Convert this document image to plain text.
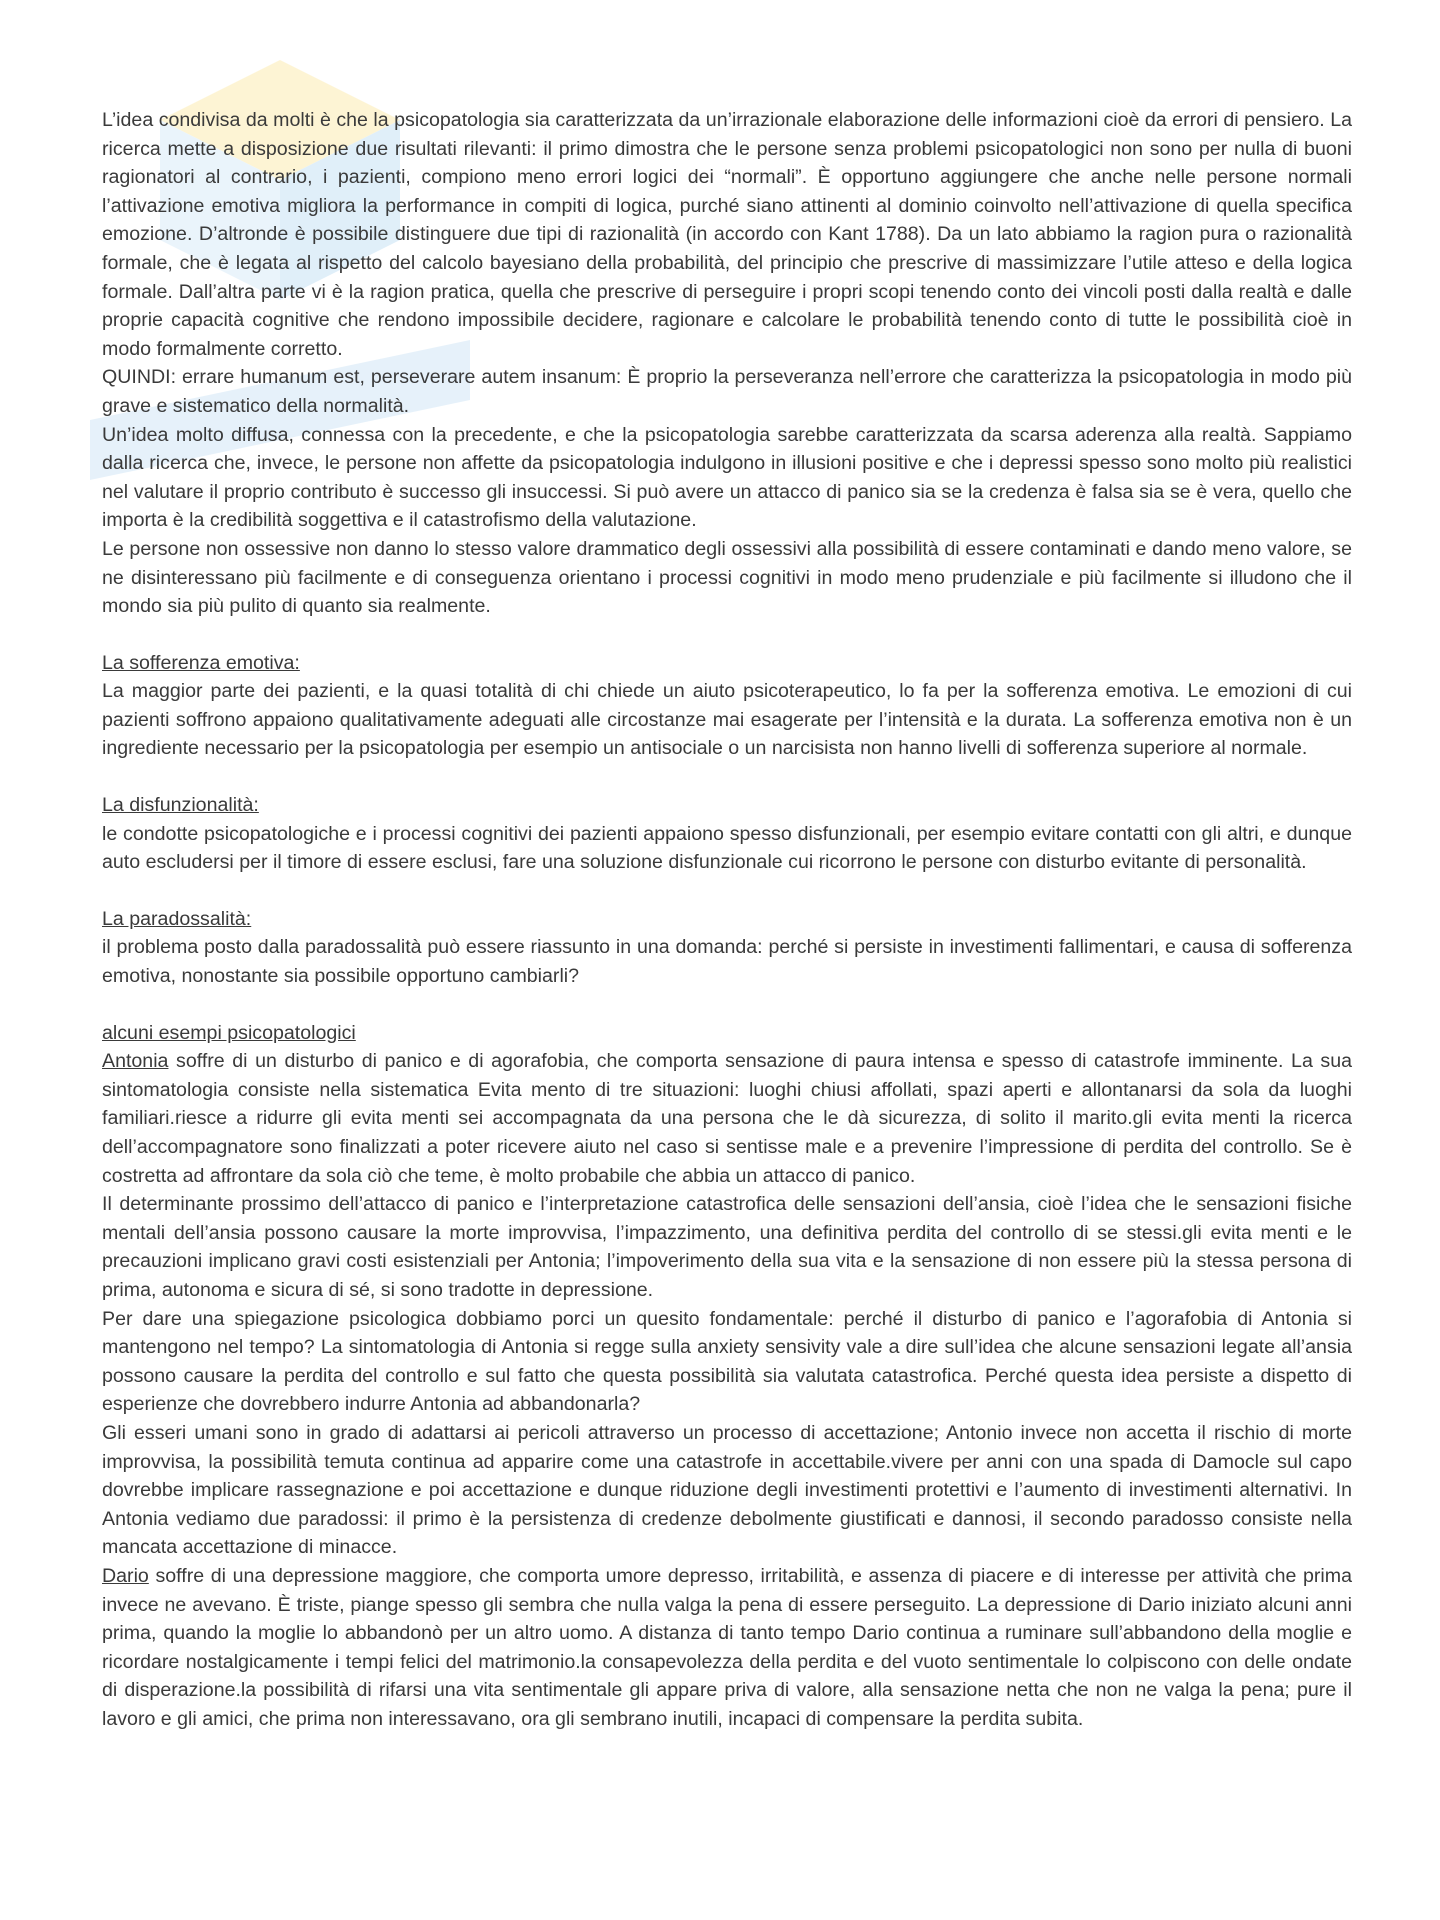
L’idea condivisa da molti è che la psicopatologia sia caratterizzata da un’irrazionale elaborazione delle informazioni cioè da errori di pensiero. La ricerca mette a disposizione due risultati rilevanti: il primo dimostra che le persone senza problemi psicopatologici non sono per nulla di buoni ragionatori al contrario, i pazienti, compiono meno errori logici dei “normali”. È opportuno aggiungere che anche nelle persone normali l’attivazione emotiva migliora la performance in compiti di logica, purché siano attinenti al dominio coinvolto nell’attivazione di quella specifica emozione. D’altronde è possibile distinguere due tipi di razionalità (in accordo con Kant 1788). Da un lato abbiamo la ragion pura o razionalità formale, che è legata al rispetto del calcolo bayesiano della probabilità, del principio che prescrive di massimizzare l’utile atteso e della logica formale. Dall’altra parte vi è la ragion pratica, quella che prescrive di perseguire i propri scopi tenendo conto dei vincoli posti dalla realtà e dalle proprie capacità cognitive che rendono impossibile decidere, ragionare e calcolare le probabilità tenendo conto di tutte le possibilità cioè in modo formalmente corretto.

QUINDI: errare humanum est, perseverare autem insanum: È proprio la perseveranza nell’errore che caratterizza la psicopatologia in modo più grave e sistematico della normalità.

Un’idea molto diffusa, connessa con la precedente, e che la psicopatologia sarebbe caratterizzata da scarsa aderenza alla realtà. Sappiamo dalla ricerca che, invece, le persone non affette da psicopatologia indulgono in illusioni positive e che i depressi spesso sono molto più realistici nel valutare il proprio contributo è successo gli insuccessi. Si può avere un attacco di panico sia se la credenza è falsa sia se è vera, quello che importa è la credibilità soggettiva e il catastrofismo della valutazione.

Le persone non ossessive non danno lo stesso valore drammatico degli ossessivi alla possibilità di essere contaminati e dando meno valore, se ne disinteressano più facilmente e di conseguenza orientano i processi cognitivi in modo meno prudenziale e più facilmente si illudono che il mondo sia più pulito di quanto sia realmente.

La sofferenza emotiva:

La maggior parte dei pazienti, e la quasi totalità di chi chiede un aiuto psicoterapeutico, lo fa per la sofferenza emotiva. Le emozioni di cui pazienti soffrono appaiono qualitativamente adeguati alle circostanze mai esagerate per l’intensità e la durata. La sofferenza emotiva non è un ingrediente necessario per la psicopatologia per esempio un antisociale o un narcisista non hanno livelli di sofferenza superiore al normale.

La disfunzionalità:

le condotte psicopatologiche e i processi cognitivi dei pazienti appaiono spesso disfunzionali, per esempio evitare contatti con gli altri, e dunque auto escludersi per il timore di essere esclusi, fare una soluzione disfunzionale cui ricorrono le persone con disturbo evitante di personalità.

La paradossalità:

il problema posto dalla paradossalità può essere riassunto in una domanda: perché si persiste in investimenti fallimentari, e causa di sofferenza emotiva, nonostante sia possibile opportuno cambiarli?

alcuni esempi psicopatologici

Antonia soffre di un disturbo di panico e di agorafobia, che comporta sensazione di paura intensa e spesso di catastrofe imminente. La sua sintomatologia consiste nella sistematica Evita mento di tre situazioni: luoghi chiusi affollati, spazi aperti e allontanarsi da sola da luoghi familiari.riesce a ridurre gli evita menti sei accompagnata da una persona che le dà sicurezza, di solito il marito.gli evita menti la ricerca dell’accompagnatore sono finalizzati a poter ricevere aiuto nel caso si sentisse male e a prevenire l’impressione di perdita del controllo. Se è costretta ad affrontare da sola ciò che teme, è molto probabile che abbia un attacco di panico.

Il determinante prossimo dell’attacco di panico e l’interpretazione catastrofica delle sensazioni dell’ansia, cioè l’idea che le sensazioni fisiche mentali dell’ansia possono causare la morte improvvisa, l’impazzimento, una definitiva perdita del controllo di se stessi.gli evita menti e le precauzioni implicano gravi costi esistenziali per Antonia; l’impoverimento della sua vita e la sensazione di non essere più la stessa persona di prima, autonoma e sicura di sé, si sono tradotte in depressione.

Per dare una spiegazione psicologica dobbiamo porci un quesito fondamentale: perché il disturbo di panico e l’agorafobia di Antonia si mantengono nel tempo? La sintomatologia di Antonia si regge sulla anxiety sensivity vale a dire sull’idea che alcune sensazioni legate all’ansia possono causare la perdita del controllo e sul fatto che questa possibilità sia valutata catastrofica. Perché questa idea persiste a dispetto di esperienze che dovrebbero indurre Antonia ad abbandonarla?

Gli esseri umani sono in grado di adattarsi ai pericoli attraverso un processo di accettazione; Antonio invece non accetta il rischio di morte improvvisa, la possibilità temuta continua ad apparire come una catastrofe in accettabile.vivere per anni con una spada di Damocle sul capo dovrebbe implicare rassegnazione e poi accettazione e dunque riduzione degli investimenti protettivi e l’aumento di investimenti alternativi. In Antonia vediamo due paradossi: il primo è la persistenza di credenze debolmente giustificati e dannosi, il secondo paradosso consiste nella mancata accettazione di minacce.

Dario soffre di una depressione maggiore, che comporta umore depresso, irritabilità, e assenza di piacere e di interesse per attività che prima invece ne avevano. È triste, piange spesso gli sembra che nulla valga la pena di essere perseguito. La depressione di Dario iniziato alcuni anni prima, quando la moglie lo abbandonò per un altro uomo. A distanza di tanto tempo Dario continua a ruminare sull’abbandono della moglie e ricordare nostalgicamente i tempi felici del matrimonio.la consapevolezza della perdita e del vuoto sentimentale lo colpiscono con delle ondate di disperazione.la possibilità di rifarsi una vita sentimentale gli appare priva di valore, alla sensazione netta che non ne valga la pena; pure il lavoro e gli amici, che prima non interessavano, ora gli sembrano inutili, incapaci di compensare la perdita subita.
